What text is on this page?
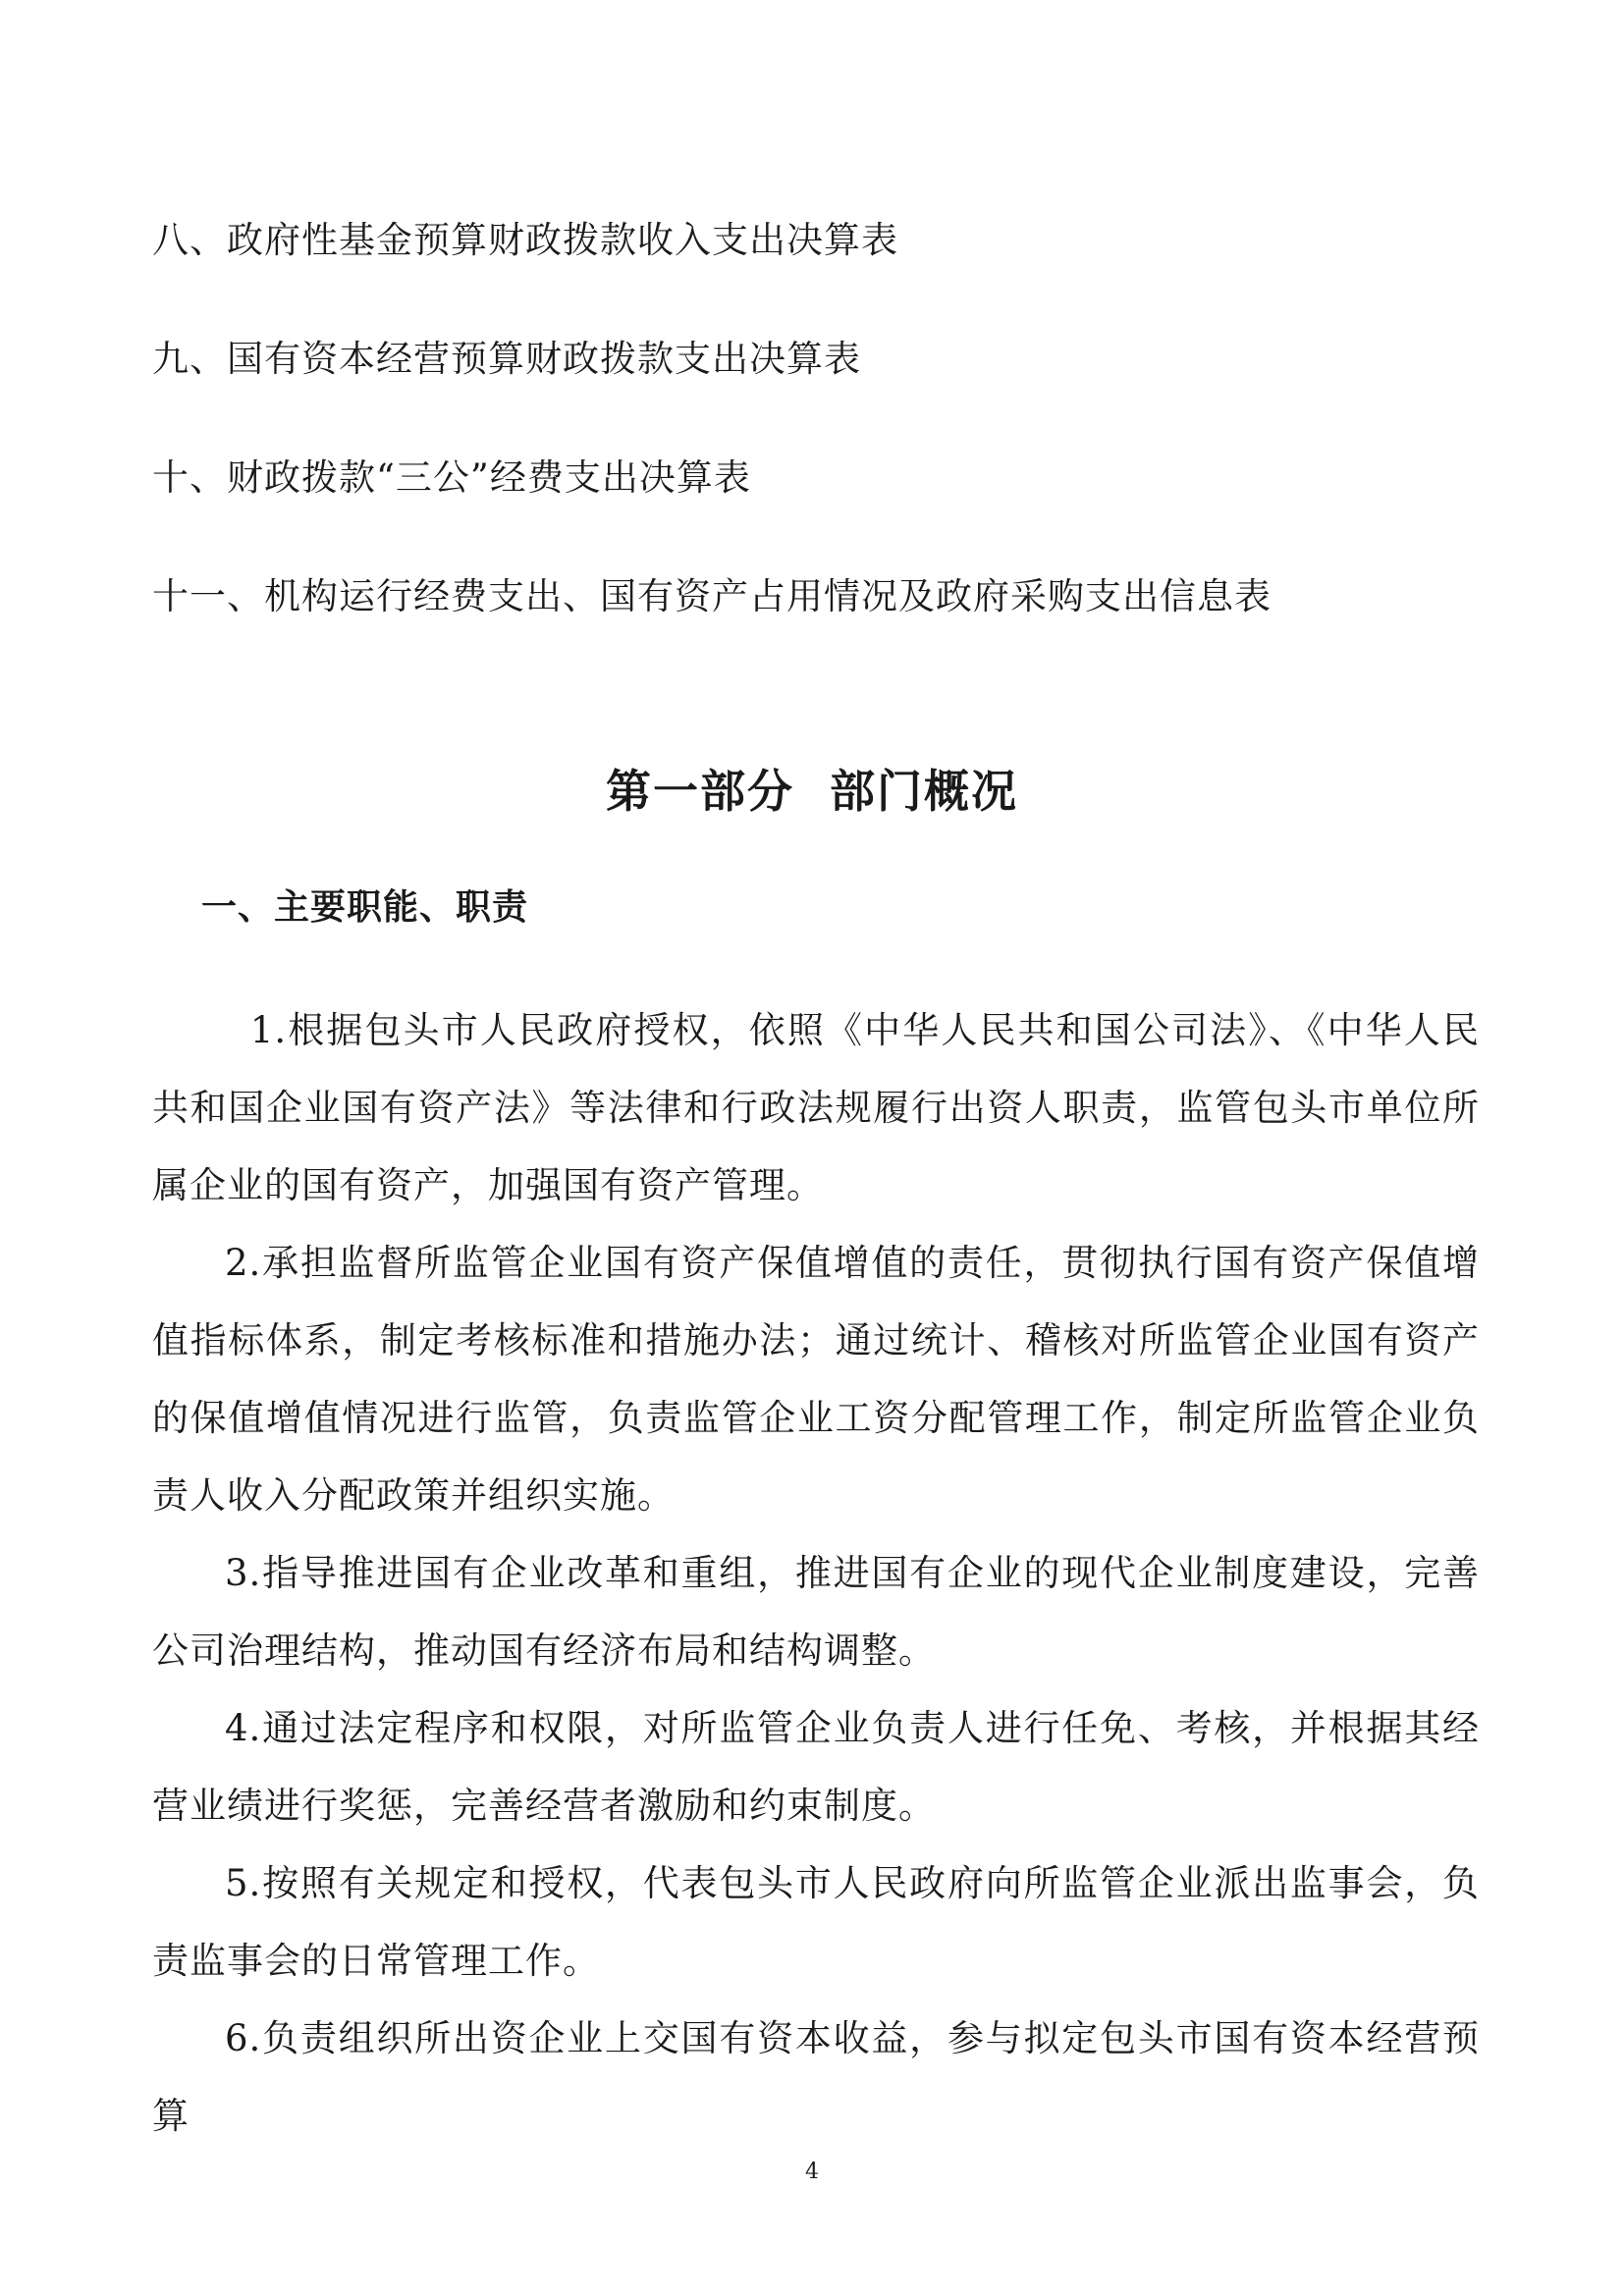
八、政府性基金预算财政拨款收入支出决算表
九、国有资本经营预算财政拨款支出决算表
十、财政拨款“三公”经费支出决算表
十一、机构运行经费支出、国有资产占用情况及政府采购支出信息表
第一部分  部门概况
一、主要职能、职责

1.根据包头市人民政府授权，依照《中华人民共和国公司法》、《中华人民共和国企业国有资产法》等法律和行政法规履行出资人职责，监管包头市单位所属企业的国有资产，加强国有资产管理。

2.承担监督所监管企业国有资产保值增值的责任，贯彻执行国有资产保值增值指标体系，制定考核标准和措施办法；通过统计、稽核对所监管企业国有资产的保值增值情况进行监管，负责监管企业工资分配管理工作，制定所监管企业负责人收入分配政策并组织实施。

3.指导推进国有企业改革和重组，推进国有企业的现代企业制度建设，完善公司治理结构，推动国有经济布局和结构调整。

4.通过法定程序和权限，对所监管企业负责人进行任免、考核，并根据其经营业绩进行奖惩，完善经营者激励和约束制度。

5.按照有关规定和授权，代表包头市人民政府向所监管企业派出监事会，负责监事会的日常管理工作。

6.负责组织所出资企业上交国有资本收益，参与拟定包头市国有资本经营预算

4
